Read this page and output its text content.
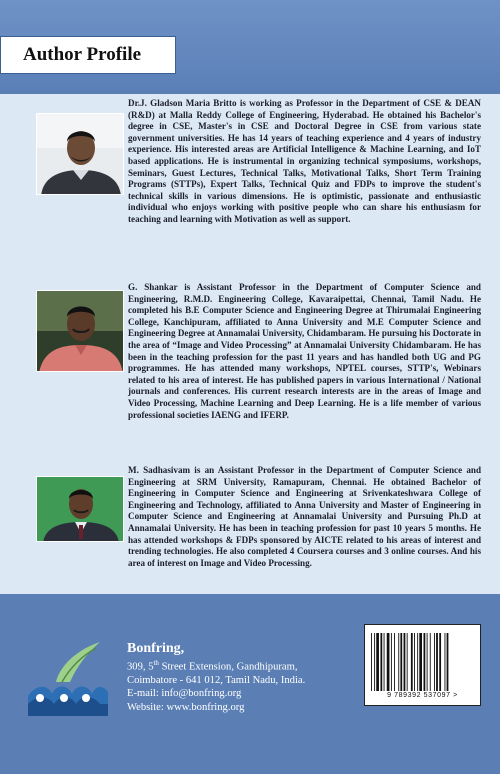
Author Profile
Dr.J. Gladson Maria Britto is working as Professor in the Department of CSE & DEAN (R&D) at Malla Reddy College of Engineering, Hyderabad. He obtained his Bachelor's degree in CSE, Master's in CSE and Doctoral Degree in CSE from various state government universities. He has 14 years of teaching experience and 4 years of industry experience. His interested areas are Artificial Intelligence & Machine Learning, and IoT based applications. He is instrumental in organizing technical symposiums, workshops, Seminars, Guest Lectures, Technical Talks, Motivational Talks, Short Term Training Programs (STTPs), Expert Talks, Technical Quiz and FDPs to improve the student's technical skills in various dimensions. He is optimistic, passionate and enthusiastic individual who enjoys working with positive people who can share his enthusiasm for teaching and learning with Motivation as well as support.
G. Shankar is Assistant Professor in the Department of Computer Science and Engineering, R.M.D. Engineering College, Kavaraipettai, Chennai, Tamil Nadu. He completed his B.E Computer Science and Engineering Degree at Thirumalai Engineering College, Kanchipuram, affiliated to Anna University and M.E Computer Science and Engineering Degree at Annamalai University, Chidambaram. He pursuing his Doctorate in the area of “Image and Video Processing” at Annamalai University Chidambaram. He has been in the teaching profession for the past 11 years and has handled both UG and PG programmes. He has attended many workshops, NPTEL courses, STTP's, Webinars related to his area of interest. He has published papers in various International / National journals and conferences. His current research interests are in the areas of Image and Video Processing, Machine Learning and Deep Learning. He is a life member of various professional societies IAENG and IFERP.
M. Sadhasivam is an Assistant Professor in the Department of Computer Science and Engineering at SRM University, Ramapuram, Chennai. He obtained Bachelor of Engineering in Computer Science and Engineering at Srivenkateshwara College of Engineering and Technology, affiliated to Anna University and Master of Engineering in Computer Science and Engineering at Annamalai University and Pursuing Ph.D at Annamalai University. He has been in teaching profession for past 10 years 5 months. He has attended workshops & FDPs sponsored by AICTE related to his areas of interest and trending technologies. He also completed 4 Coursera courses and 3 online courses. And his area of interest on Image and Video Processing.
Bonfring,
309, 5th Street Extension, Gandhipuram,
Coimbatore - 641 012, Tamil Nadu, India.
E-mail: info@bonfring.org
Website: www.bonfring.org
9 789392 537097 >
